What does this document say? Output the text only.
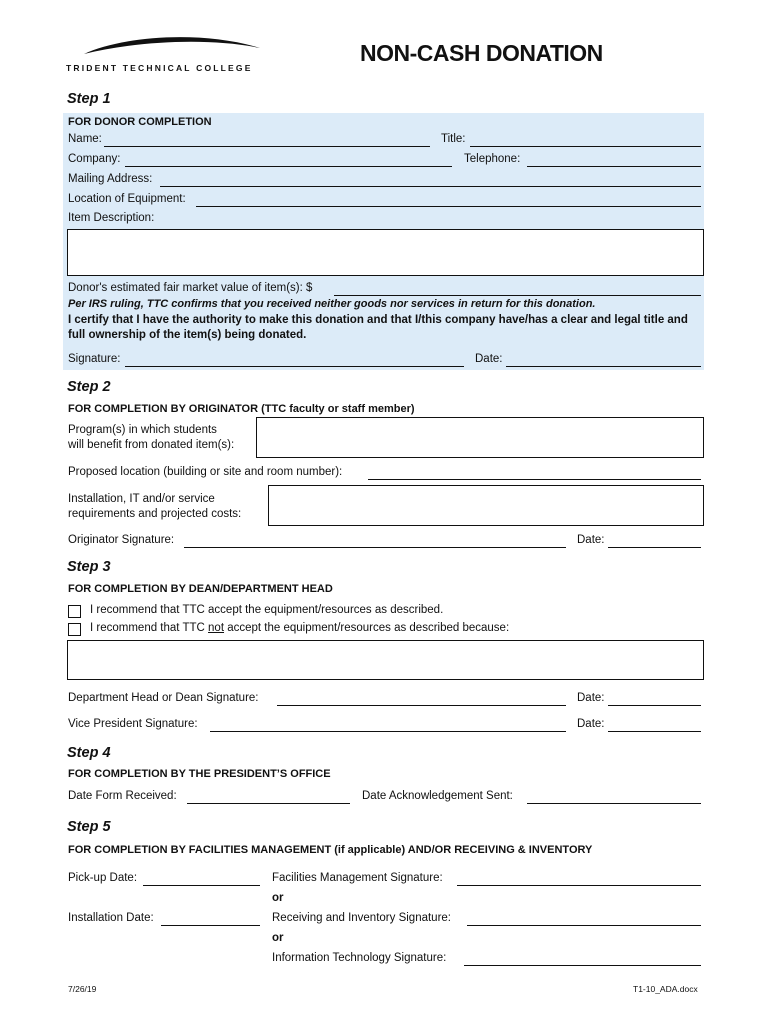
TRIDENT TECHNICAL COLLEGE
NON-CASH DONATION
Step 1
FOR DONOR COMPLETION
Name:	Title:
Company:	Telephone:
Mailing Address:
Location of Equipment:
Item Description:
Donor's estimated fair market value of item(s): $
Per IRS ruling, TTC confirms that you received neither goods nor services in return for this donation.
I certify that I have the authority to make this donation and that I/this company have/has a clear and legal title and full ownership of the item(s) being donated.
Signature:	Date:
Step 2
FOR COMPLETION BY ORIGINATOR (TTC faculty or staff member)
Program(s) in which students
will benefit from donated item(s):
Proposed location (building or site and room number):
Installation, IT and/or service
requirements and projected costs:
Originator Signature:	Date:
Step 3
FOR COMPLETION BY DEAN/DEPARTMENT HEAD
I recommend that TTC accept the equipment/resources as described.
I recommend that TTC not accept the equipment/resources as described because:
Department Head or Dean Signature:	Date:
Vice President Signature:	Date:
Step 4
FOR COMPLETION BY THE PRESIDENT’S OFFICE
Date Form Received:	Date Acknowledgement Sent:
Step 5
FOR COMPLETION BY FACILITIES MANAGEMENT (if applicable) AND/OR RECEIVING & INVENTORY
Pick-up Date:	Facilities Management Signature:
or
Installation Date:	Receiving and Inventory Signature:
or
Information Technology Signature:
7/26/19	T1-10_ADA.docx
